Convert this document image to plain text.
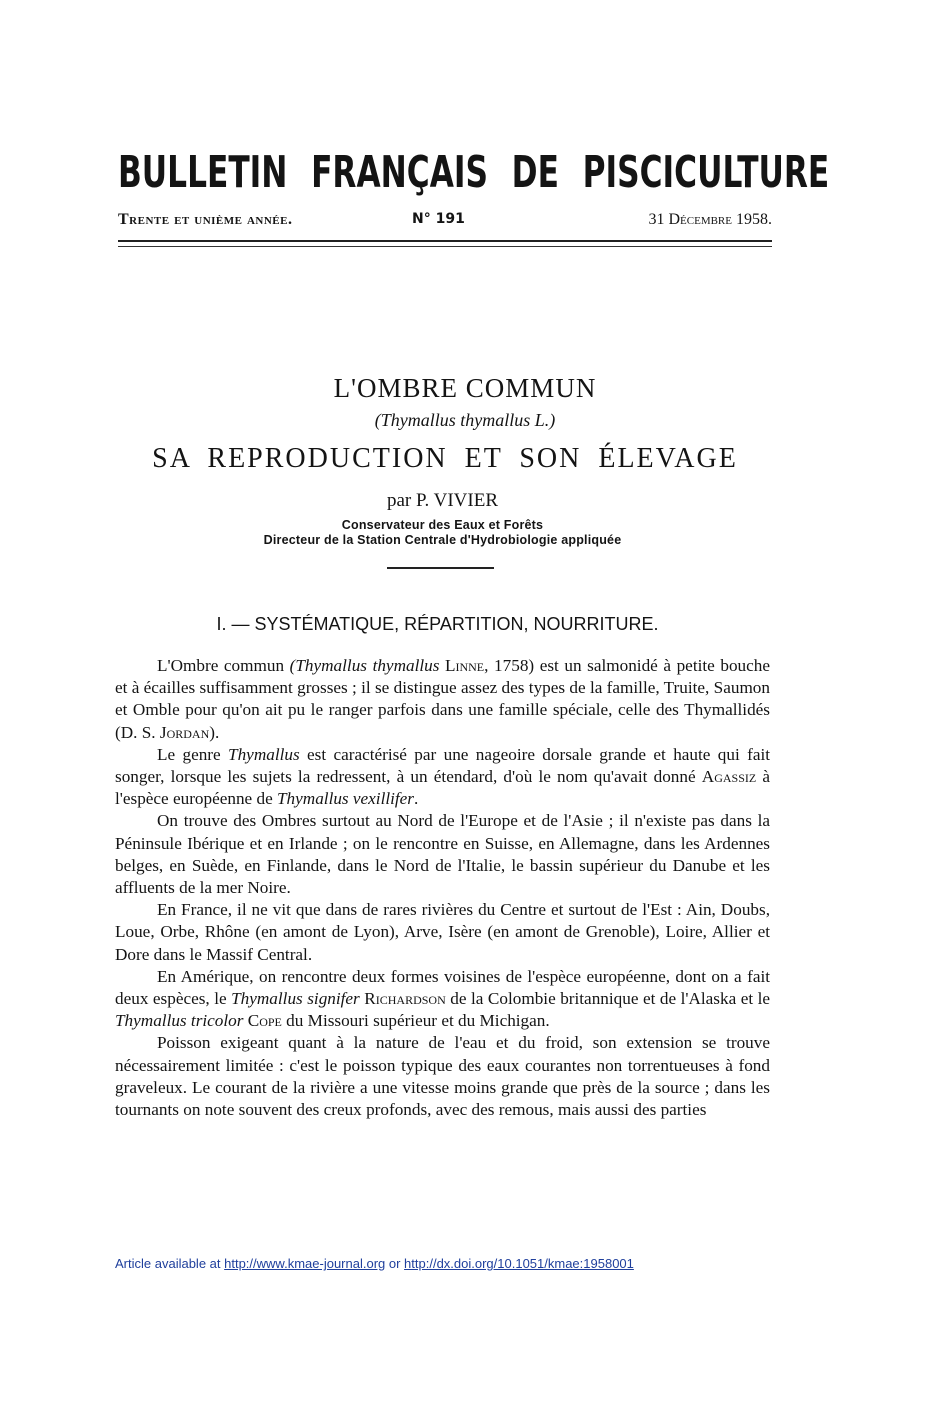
BULLETIN FRANÇAIS DE PISCICULTURE
Trente et unième année.	N° 191	31 Décembre 1958.
L'OMBRE COMMUN
(Thymallus thymallus L.)
SA REPRODUCTION ET SON ÉLEVAGE
par P. VIVIER
Conservateur des Eaux et Forêts
Directeur de la Station Centrale d'Hydrobiologie appliquée
I. — SYSTÉMATIQUE, RÉPARTITION, NOURRITURE.

L'Ombre commun (Thymallus thymallus Linne, 1758) est un salmonidé à petite bouche et à écailles suffisamment grosses ; il se distingue assez des types de la famille, Truite, Saumon et Omble pour qu'on ait pu le ranger parfois dans une famille spéciale, celle des Thymallidés (D. S. Jordan).

Le genre Thymallus est caractérisé par une nageoire dorsale grande et haute qui fait songer, lorsque les sujets la redressent, à un étendard, d'où le nom qu'avait donné Agassiz à l'espèce européenne de Thymallus vexillifer.

On trouve des Ombres surtout au Nord de l'Europe et de l'Asie ; il n'existe pas dans la Péninsule Ibérique et en Irlande ; on le rencontre en Suisse, en Allemagne, dans les Ardennes belges, en Suède, en Finlande, dans le Nord de l'Italie, le bassin supérieur du Danube et les affluents de la mer Noire.

En France, il ne vit que dans de rares rivières du Centre et surtout de l'Est : Ain, Doubs, Loue, Orbe, Rhône (en amont de Lyon), Arve, Isère (en amont de Grenoble), Loire, Allier et Dore dans le Massif Central.

En Amérique, on rencontre deux formes voisines de l'espèce européenne, dont on a fait deux espèces, le Thymallus signifer Richardson de la Colombie britannique et de l'Alaska et le Thymallus tricolor Cope du Missouri supérieur et du Michigan.

Poisson exigeant quant à la nature de l'eau et du froid, son extension se trouve nécessairement limitée : c'est le poisson typique des eaux courantes non torrentueuses à fond graveleux. Le courant de la rivière a une vitesse moins grande que près de la source ; dans les tournants on note souvent des creux profonds, avec des remous, mais aussi des parties

Article available at http://www.kmae-journal.org or http://dx.doi.org/10.1051/kmae:1958001
